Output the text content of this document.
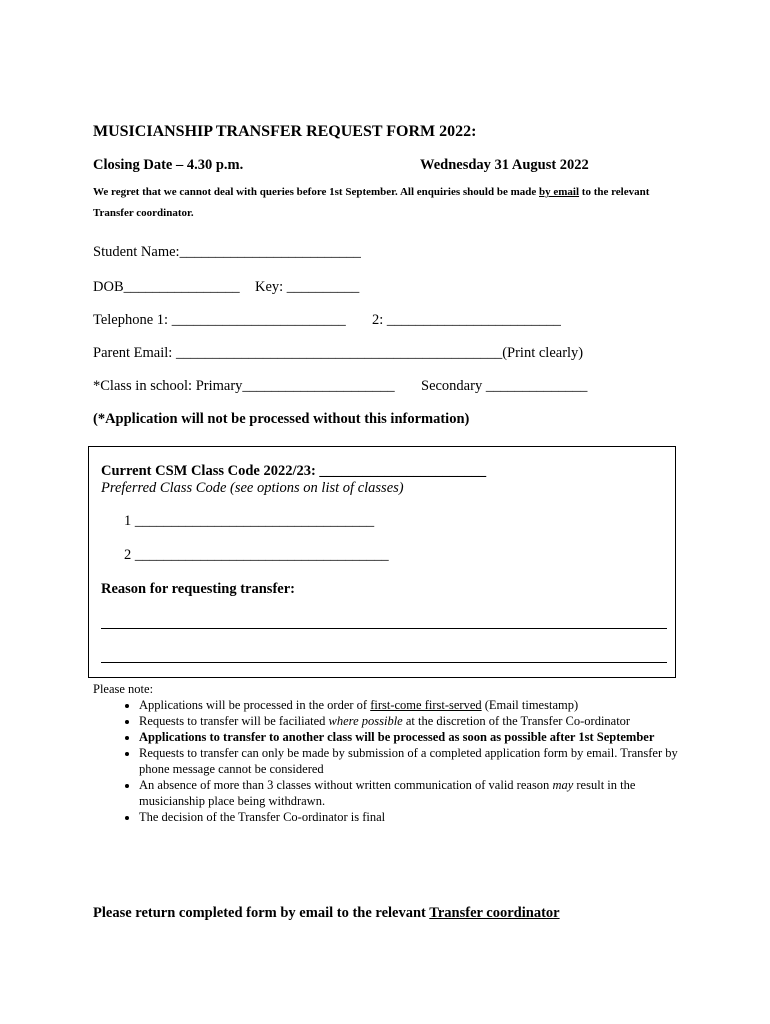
MUSICIANSHIP TRANSFER REQUEST FORM 2022:
Closing Date – 4.30 p.m.	Wednesday 31 August 2022
We regret that we cannot deal with queries before 1st September. All enquiries should be made by email to the relevant Transfer coordinator.
Student Name:_________________________
DOB________________ Key: __________
Telephone 1: ________________________ 2: ________________________
Parent Email: _____________________________________________(Print clearly)
*Class in school: Primary_____________________ Secondary ______________
(*Application will not be processed without this information)
Current CSM Class Code 2022/23: _______________________
Preferred Class Code (see options on list of classes)
1 _________________________________
2 ___________________________________
Reason for requesting transfer:
Please note:
• Applications will be processed in the order of first-come first-served (Email timestamp)
• Requests to transfer will be faciliated where possible at the discretion of the Transfer Co-ordinator
• Applications to transfer to another class will be processed as soon as possible after 1st September
• Requests to transfer can only be made by submission of a completed application form by email. Transfer by phone message cannot be considered
• An absence of more than 3 classes without written communication of valid reason may result in the musicianship place being withdrawn.
• The decision of the Transfer Co-ordinator is final
Please return completed form by email to the relevant Transfer coordinator
